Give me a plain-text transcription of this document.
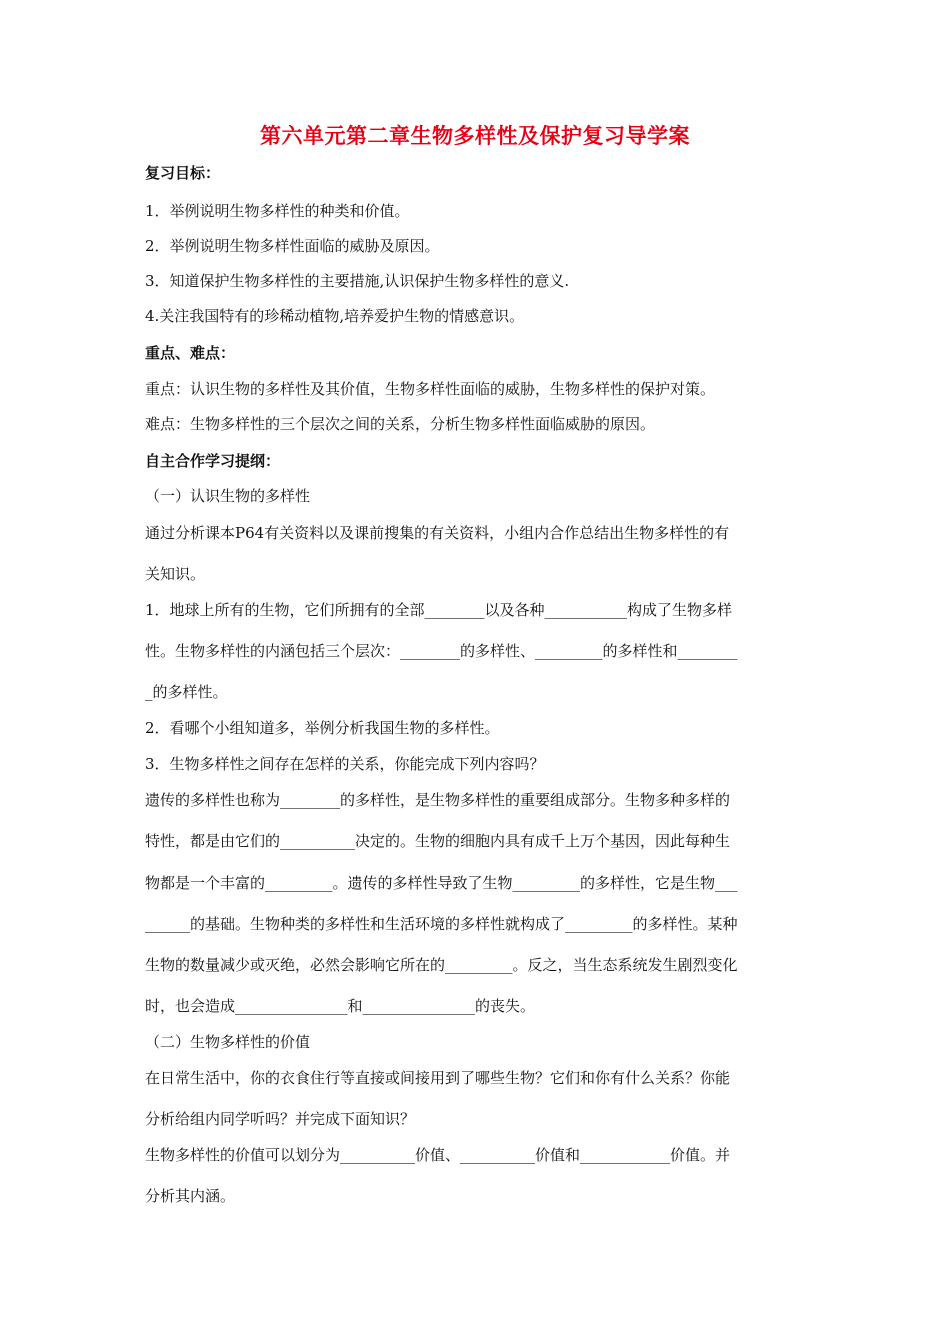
第六单元第二章生物多样性及保护复习导学案
复习目标：
1．举例说明生物多样性的种类和价值。
2．举例说明生物多样性面临的威胁及原因。
3．知道保护生物多样性的主要措施,认识保护生物多样性的意义.
4.关注我国特有的珍稀动植物,培养爱护生物的情感意识。
重点、难点：
重点：认识生物的多样性及其价值，生物多样性面临的威胁，生物多样性的保护对策。
难点：生物多样性的三个层次之间的关系，分析生物多样性面临威胁的原因。
自主合作学习提纲：
（一）认识生物的多样性
通过分析课本P64有关资料以及课前搜集的有关资料，小组内合作总结出生物多样性的有
关知识。
1．地球上所有的生物，它们所拥有的全部________以及各种___________构成了生物多样
性。生物多样性的内涵包括三个层次：________的多样性、_________的多样性和________
_的多样性。
2．看哪个小组知道多，举例分析我国生物的多样性。
3．生物多样性之间存在怎样的关系，你能完成下列内容吗？
遗传的多样性也称为________的多样性，是生物多样性的重要组成部分。生物多种多样的
特性，都是由它们的__________决定的。生物的细胞内具有成千上万个基因，因此每种生
物都是一个丰富的_________。遗传的多样性导致了生物_________的多样性，它是生物___
______的基础。生物种类的多样性和生活环境的多样性就构成了_________的多样性。某种
生物的数量减少或灭绝，必然会影响它所在的_________。反之，当生态系统发生剧烈变化
时，也会造成_______________和_______________的丧失。
（二）生物多样性的价值
在日常生活中，你的衣食住行等直接或间接用到了哪些生物？它们和你有什么关系？你能
分析给组内同学听吗？并完成下面知识？
生物多样性的价值可以划分为__________价值、__________价值和____________价值。并
分析其内涵。
